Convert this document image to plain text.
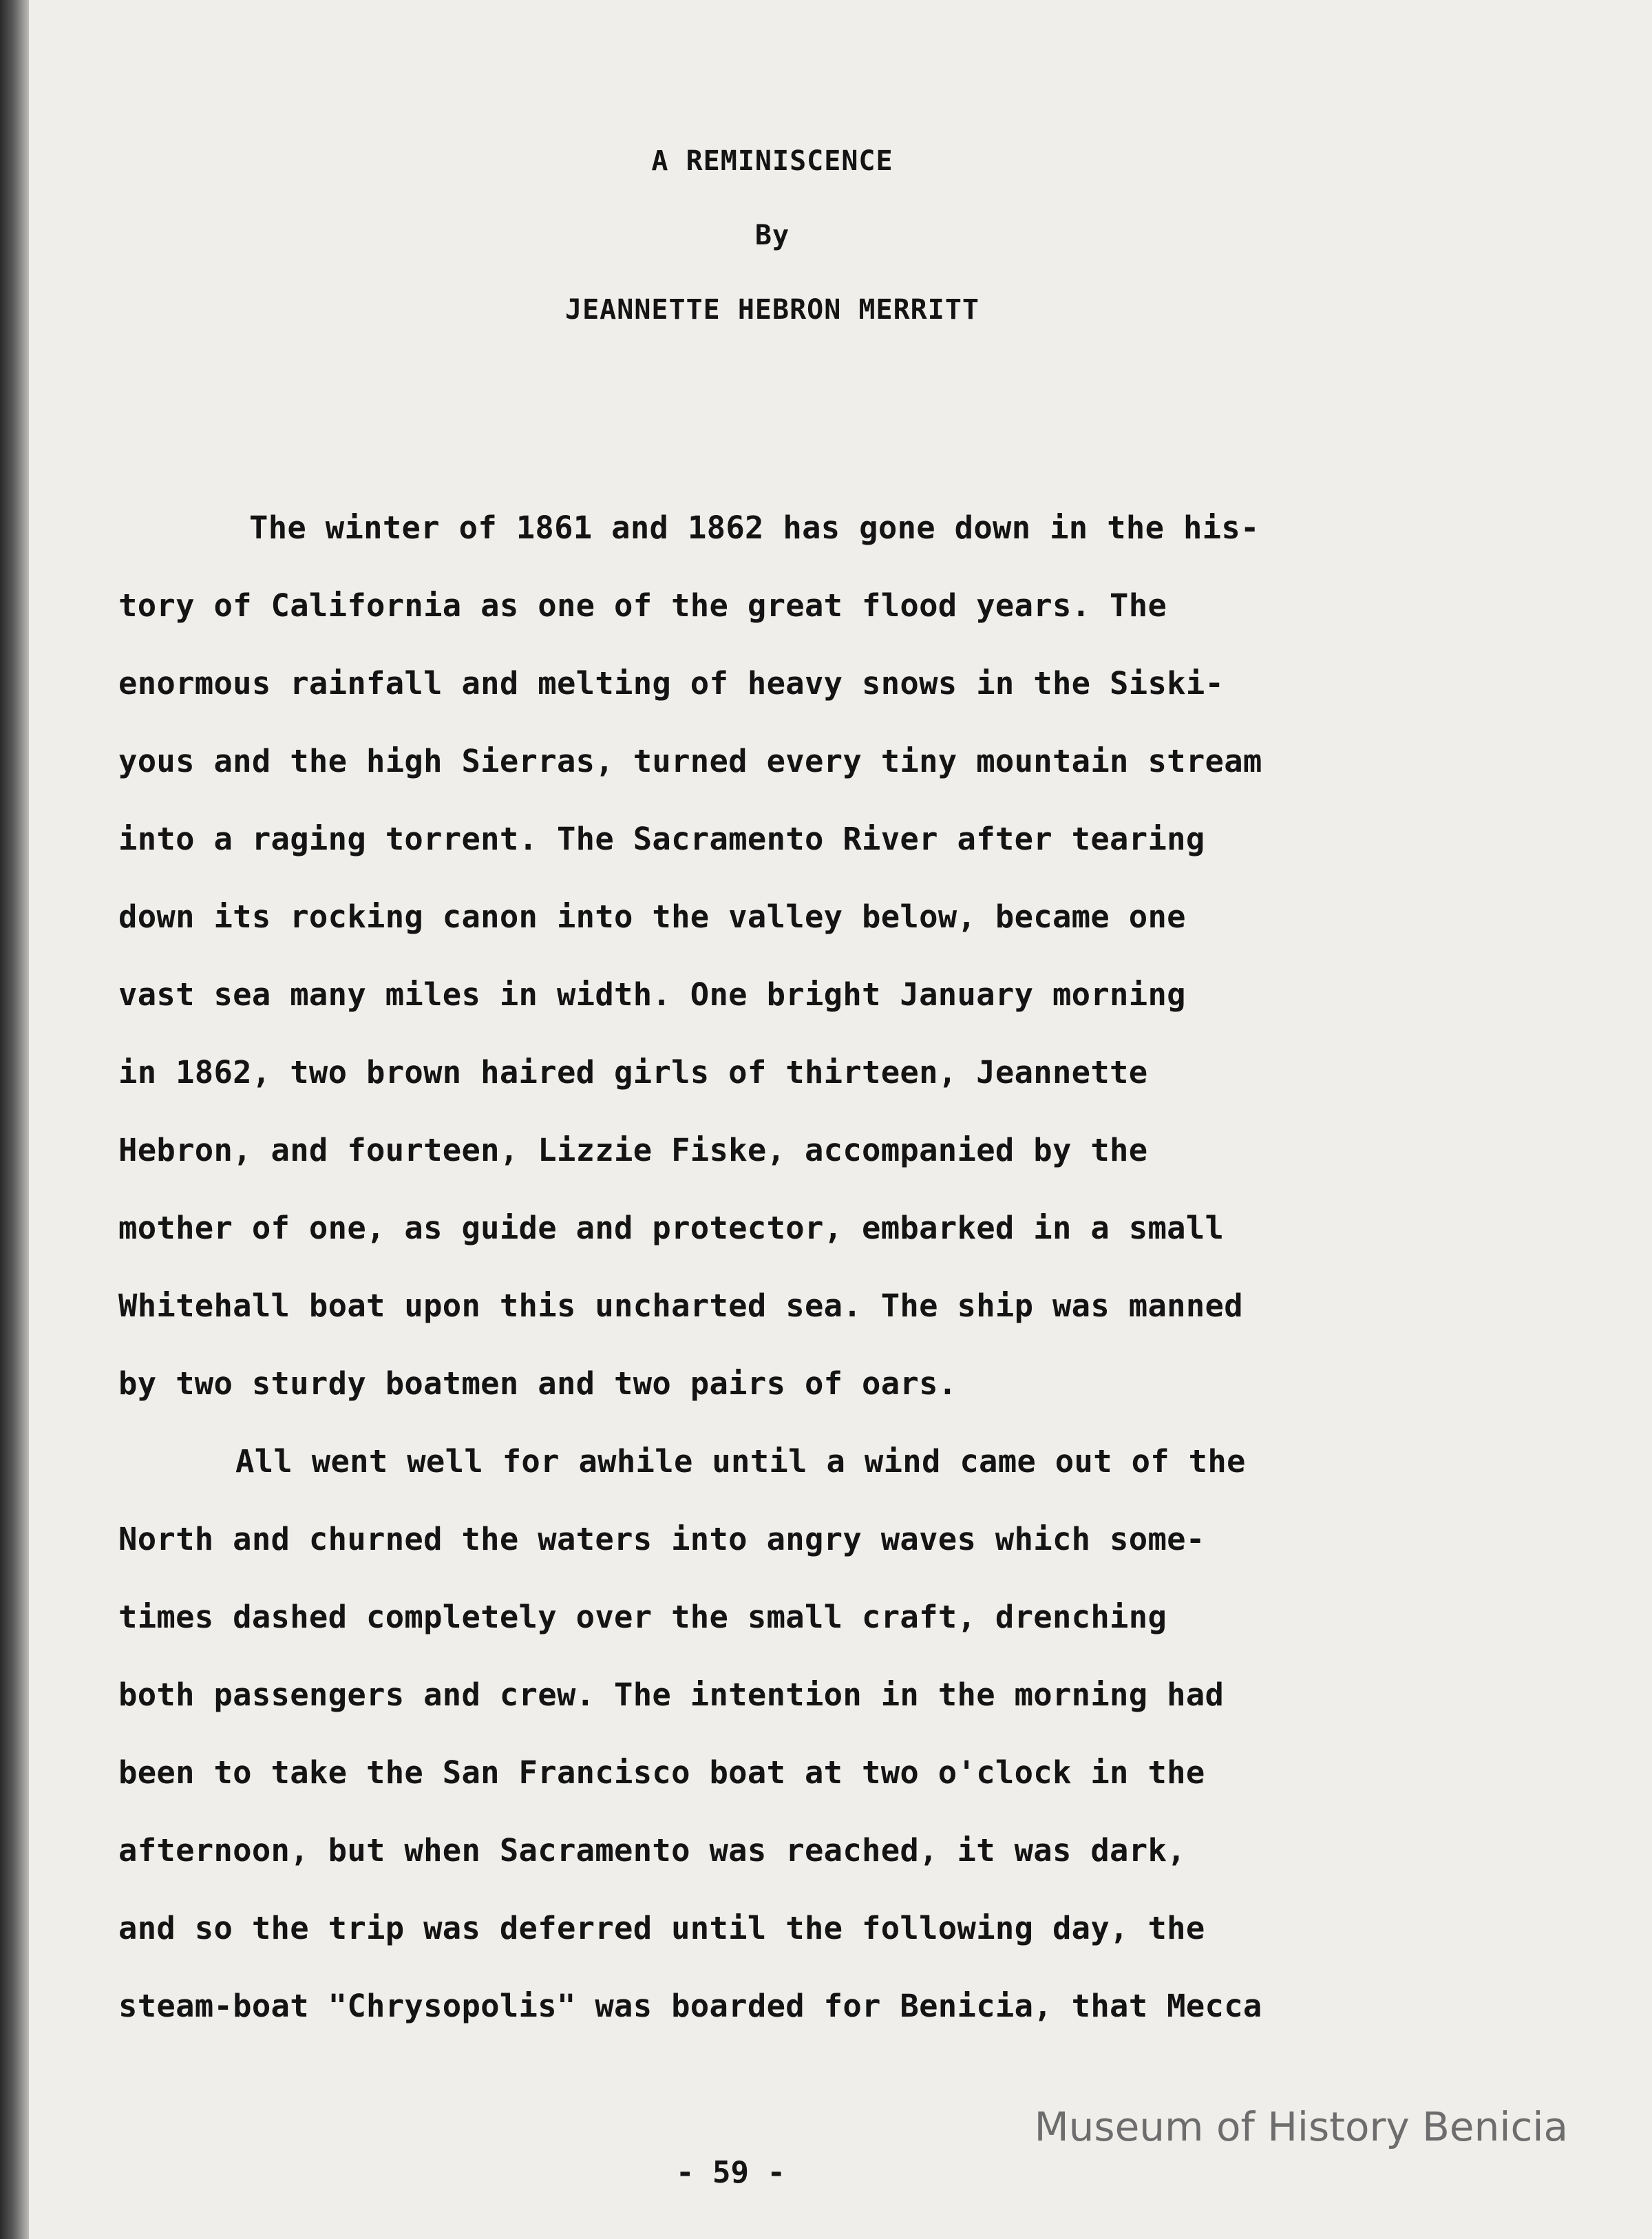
A REMINISCENCE
By
JEANNETTE HEBRON MERRITT
The winter of 1861 and 1862 has gone down in the his-
tory of California as one of the great flood years. The
enormous rainfall and melting of heavy snows in the Siski-
yous and the high Sierras, turned every tiny mountain stream
into a raging torrent. The Sacramento River after tearing
down its rocking canon into the valley below, became one
vast sea many miles in width. One bright January morning
in 1862, two brown haired girls of thirteen, Jeannette
Hebron, and fourteen, Lizzie Fiske, accompanied by the
mother of one, as guide and protector, embarked in a small
Whitehall boat upon this uncharted sea. The ship was manned
by two sturdy boatmen and two pairs of oars.
All went well for awhile until a wind came out of the
North and churned the waters into angry waves which some-
times dashed completely over the small craft, drenching
both passengers and crew. The intention in the morning had
been to take the San Francisco boat at two o'clock in the
afternoon, but when Sacramento was reached, it was dark,
and so the trip was deferred until the following day, the
steam-boat "Chrysopolis" was boarded for Benicia, that Mecca
Museum of History Benicia
- 59 -
